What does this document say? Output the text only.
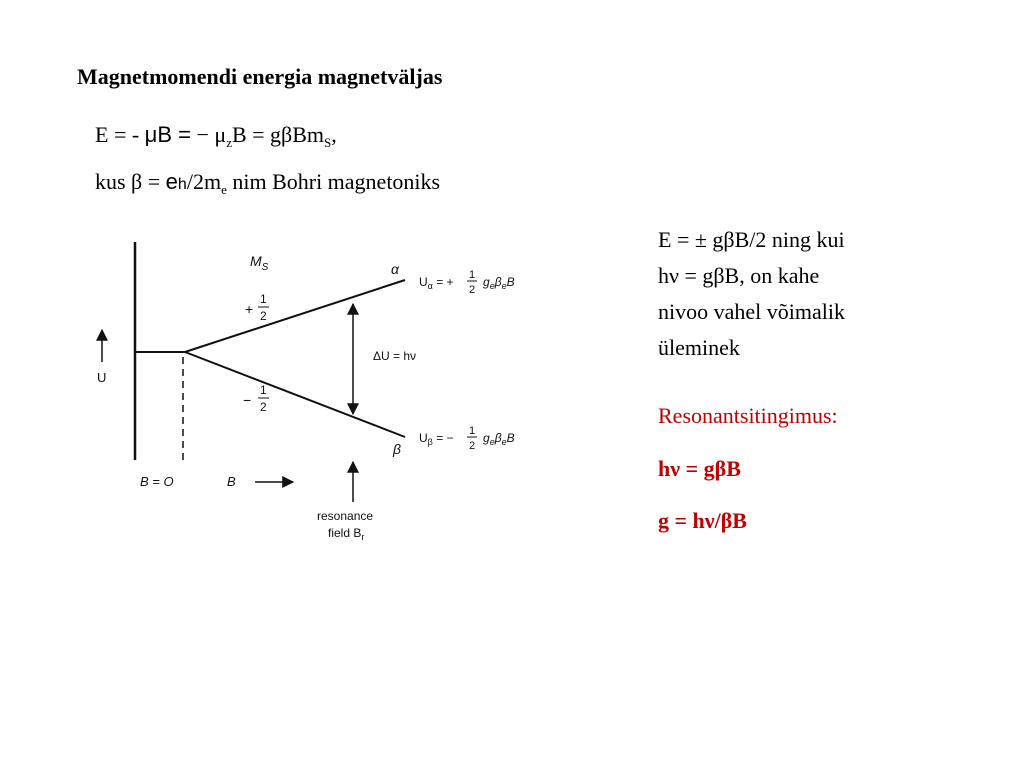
Magnetmomendi energia magnetväljas
E = - μB = − $\mu_zB = g\beta Bm_S$,
kus $\beta = eh/2m_e$ nim Bohri magnetoniks
$M_S$
+
1
2
−
1
2
α
β
$U_\alpha$ = + 1
2
$g_e\beta_eB$
$U_\beta$ = − 1
2
$g_e\beta_eB$
ΔU = hν
U
B = O	B
resonance
field $B_r$
E = ± gβB/2 ning kui
hν = gβB, on kahe
nivoo vahel võimalik
üleminek
Resonantsitingimus:
hν = gβB
g = hν/βB
